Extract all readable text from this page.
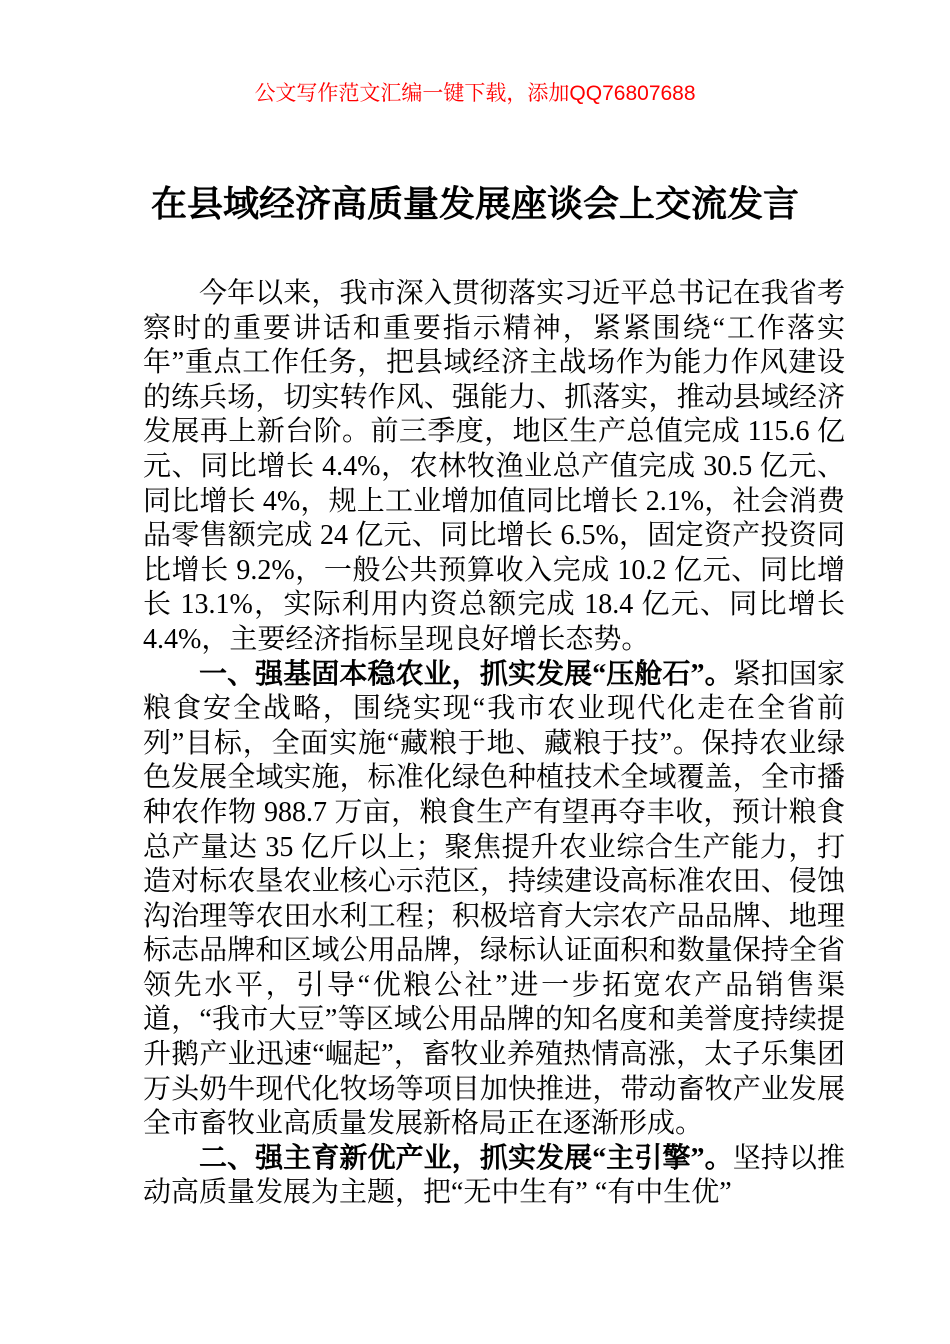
公文写作范文汇编一键下载，添加QQ76807688
在县域经济高质量发展座谈会上交流发言

今年以来，我市深入贯彻落实习近平总书记在我省考察时的重要讲话和重要指示精神，紧紧围绕“工作落实年”重点工作任务，把县域经济主战场作为能力作风建设的练兵场，切实转作风、强能力、抓落实，推动县域经济发展再上新台阶。前三季度，地区生产总值完成 115.6 亿元、同比增长 4.4%，农林牧渔业总产值完成 30.5 亿元、同比增长 4%，规上工业增加值同比增长 2.1%，社会消费品零售额完成 24 亿元、同比增长 6.5%，固定资产投资同比增长 9.2%，一般公共预算收入完成 10.2 亿元、同比增长 13.1%，实际利用内资总额完成 18.4 亿元、同比增长 4.4%，主要经济指标呈现良好增长态势。

一、强基固本稳农业，抓实发展“压舱石”。紧扣国家粮食安全战略，围绕实现“我市农业现代化走在全省前列”目标，全面实施“藏粮于地、藏粮于技”。保持农业绿色发展全域实施，标准化绿色种植技术全域覆盖，全市播种农作物 988.7 万亩，粮食生产有望再夺丰收，预计粮食总产量达 35 亿斤以上；聚焦提升农业综合生产能力，打造对标农垦农业核心示范区，持续建设高标准农田、侵蚀沟治理等农田水利工程；积极培育大宗农产品品牌、地理标志品牌和区域公用品牌，绿标认证面积和数量保持全省领先水平，引导“优粮公社”进一步拓宽农产品销售渠道，“我市大豆”等区域公用品牌的知名度和美誉度持续提升鹅产业迅速“崛起”，畜牧业养殖热情高涨，太子乐集团万头奶牛现代化牧场等项目加快推进，带动畜牧产业发展全市畜牧业高质量发展新格局正在逐渐形成。

二、强主育新优产业，抓实发展“主引擎”。坚持以推动高质量发展为主题，把“无中生有” “有中生优”
